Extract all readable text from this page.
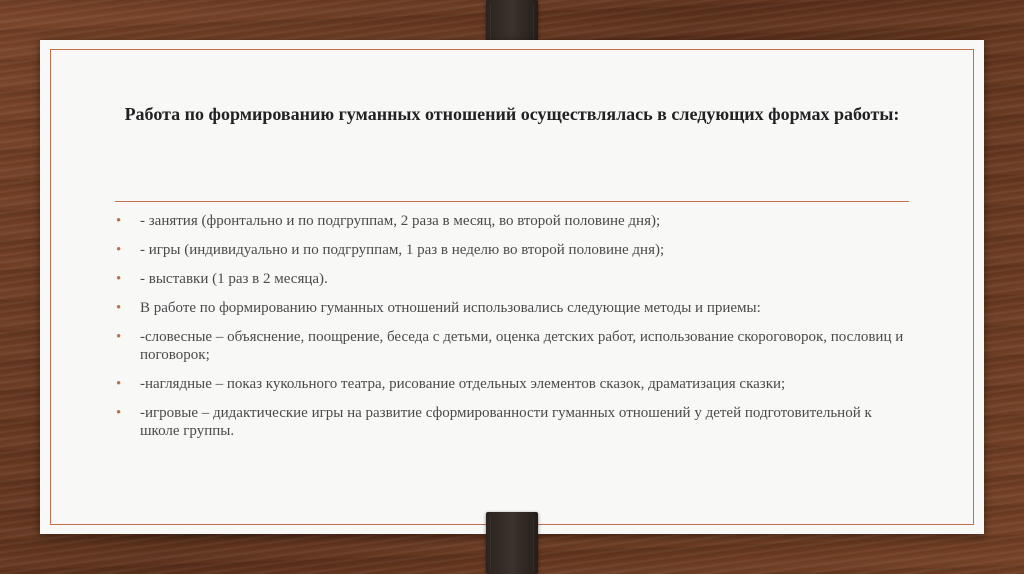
Работа по формированию гуманных отношений осуществлялась в следующих формах работы:
• - занятия (фронтально и по подгруппам, 2 раза в месяц, во второй половине дня);
• - игры (индивидуально и по подгруппам, 1 раз в неделю во второй половине дня);
• - выставки (1 раз в 2 месяца).
• В работе по формированию гуманных отношений использовались следующие методы и приемы:
• -словесные – объяснение, поощрение, беседа с детьми, оценка детских работ, использование скороговорок, пословиц и поговорок;
• -наглядные – показ кукольного театра, рисование отдельных элементов сказок, драматизация сказки;
• -игровые – дидактические игры на развитие сформированности гуманных отношений у детей подготовительной к школе группы.
